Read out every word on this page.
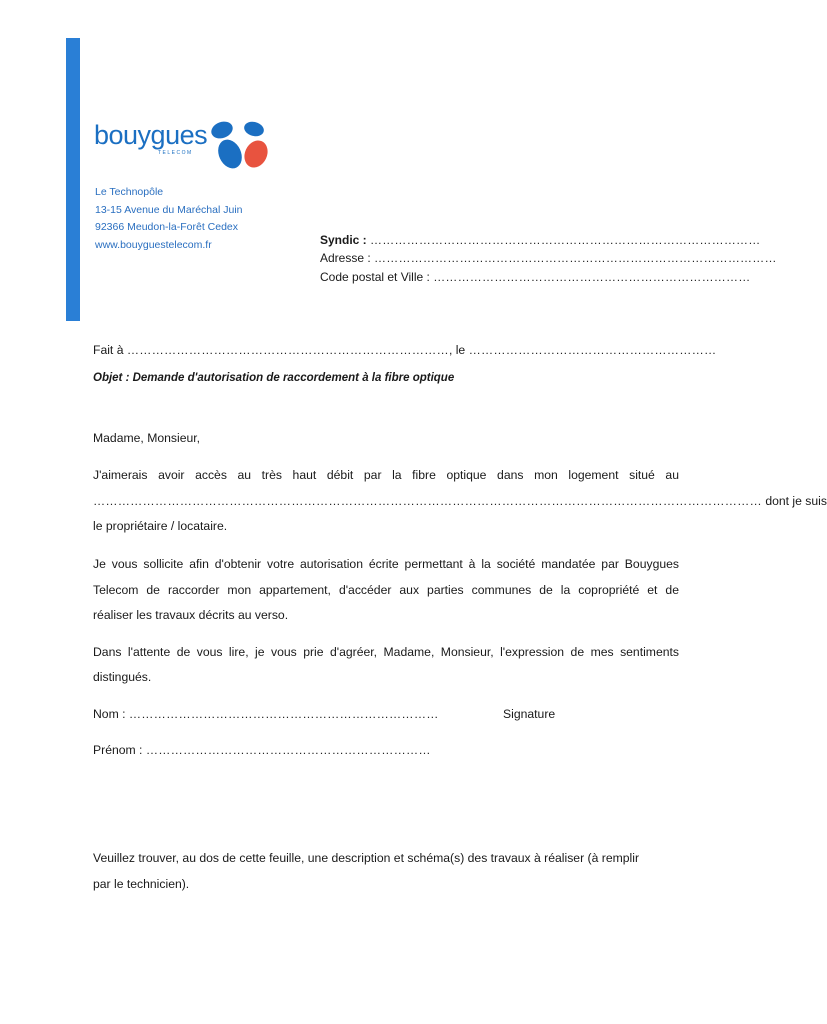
bouygues
TELECOM
Le Technopôle
13-15 Avenue du Maréchal Juin
92366 Meudon-la-Forêt Cedex
www.bouyguestelecom.fr	Syndic : ……………………………………………………………………………………
Adresse : ………………………………………………………………………………………
Code postal et Ville : ……………………………………………………………………
Fait à ……………………………………………………………………, le ……………………………………………………
Objet : Demande d'autorisation de raccordement à la fibre optique
Madame, Monsieur,
J'aimerais avoir accès au très haut débit par la fibre optique dans mon logement situé au
……………………………………………………………………………………………………………………………………………… dont je suis
le propriétaire / locataire.
Je vous sollicite afin d'obtenir votre autorisation écrite permettant à la société mandatée par Bouygues
Telecom de raccorder mon appartement, d'accéder aux parties communes de la copropriété et de
réaliser les travaux décrits au verso.
Dans l'attente de vous lire, je vous prie d'agréer, Madame, Monsieur, l'expression de mes sentiments
distingués.
Nom : …………………………………………………………………	Signature
Prénom : ……………………………………………………………
Veuillez trouver, au dos de cette feuille, une description et schéma(s) des travaux à réaliser (à remplir
par le technicien).
